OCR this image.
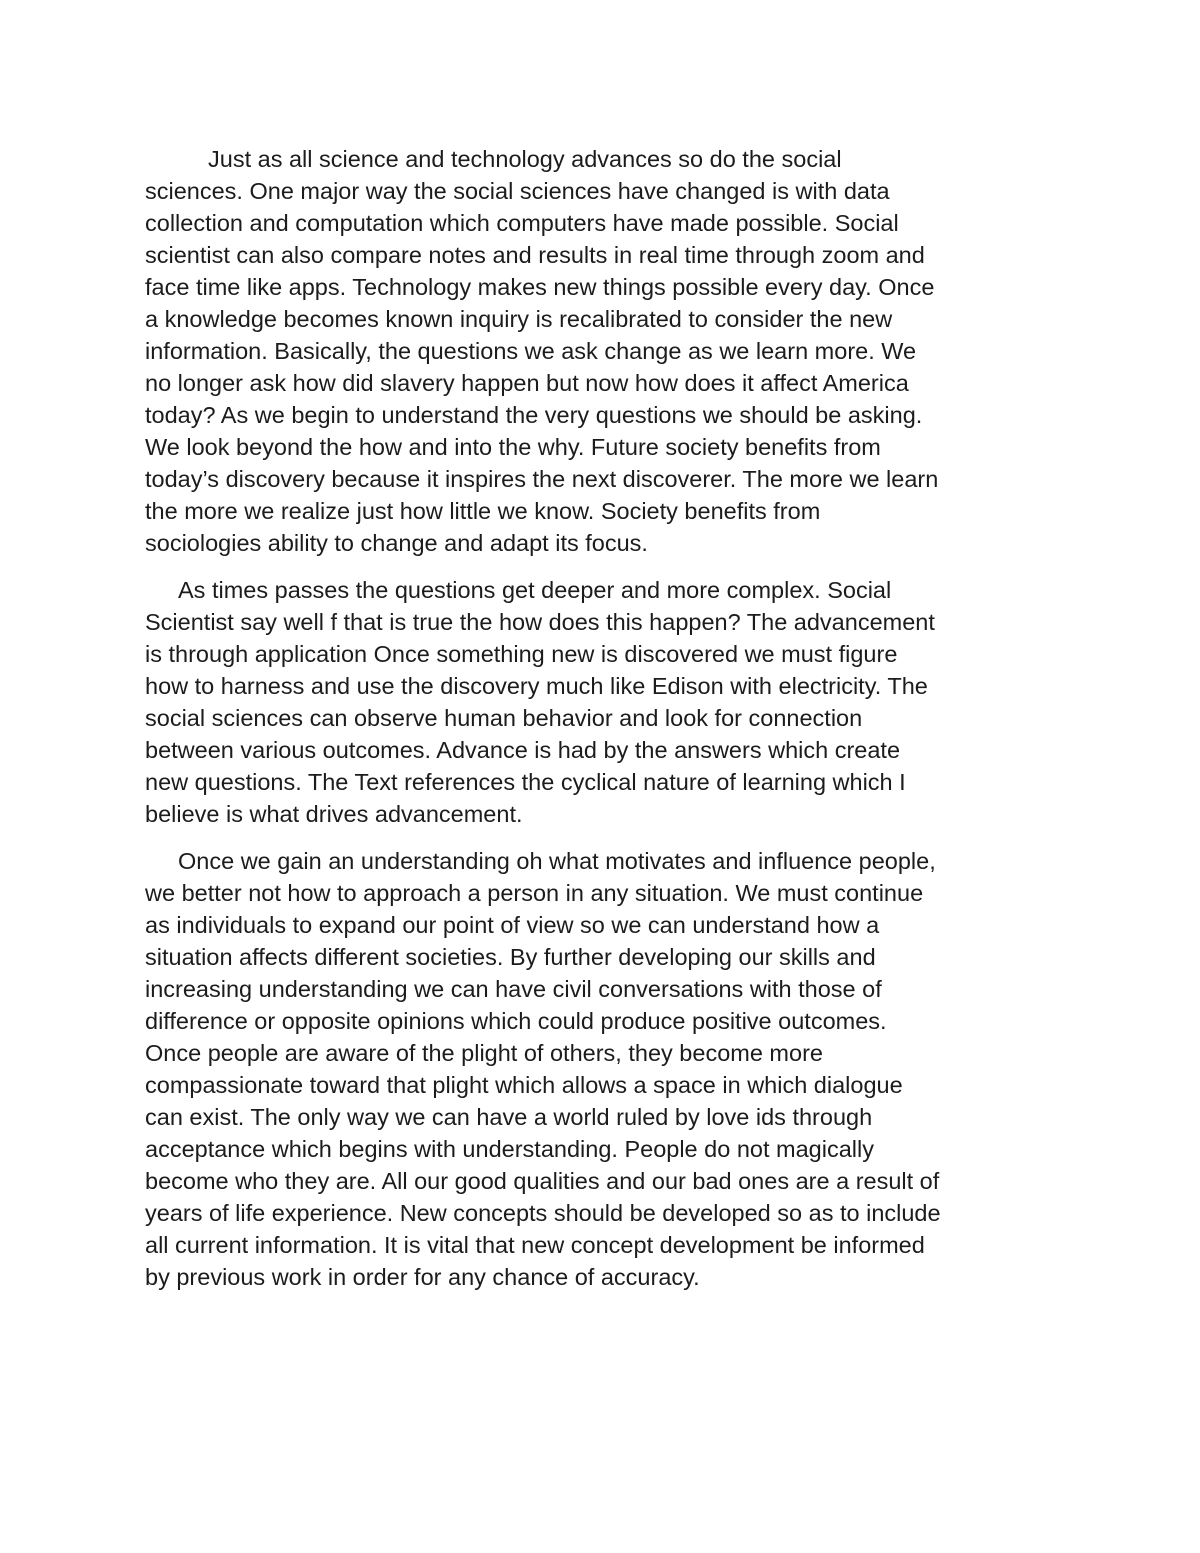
Just as all science and technology advances so do the social
sciences. One major way the social sciences have changed is with data
collection and computation which computers have made possible. Social
scientist can also compare notes and results in real time through zoom and
face time like apps. Technology makes new things possible every day. Once
a knowledge becomes known inquiry is recalibrated to consider the new
information. Basically, the questions we ask change as we learn more. We
no longer ask how did slavery happen but now how does it affect America
today? As we begin to understand the very questions we should be asking.
We look beyond the how and into the why. Future society benefits from
today’s discovery because it inspires the next discoverer. The more we learn
the more we realize just how little we know. Society benefits from
sociologies ability to change and adapt its focus.

As times passes the questions get deeper and more complex. Social
Scientist say well f that is true the how does this happen? The advancement
is through application Once something new is discovered we must figure
how to harness and use the discovery much like Edison with electricity. The
social sciences can observe human behavior and look for connection
between various outcomes. Advance is had by the answers which create
new questions. The Text references the cyclical nature of learning which I
believe is what drives advancement.

Once we gain an understanding oh what motivates and influence people,
we better not how to approach a person in any situation. We must continue
as individuals to expand our point of view so we can understand how a
situation affects different societies. By further developing our skills and
increasing understanding we can have civil conversations with those of
difference or opposite opinions which could produce positive outcomes.
Once people are aware of the plight of others, they become more
compassionate toward that plight which allows a space in which dialogue
can exist. The only way we can have a world ruled by love ids through
acceptance which begins with understanding. People do not magically
become who they are. All our good qualities and our bad ones are a result of
years of life experience. New concepts should be developed so as to include
all current information. It is vital that new concept development be informed
by previous work in order for any chance of accuracy.
